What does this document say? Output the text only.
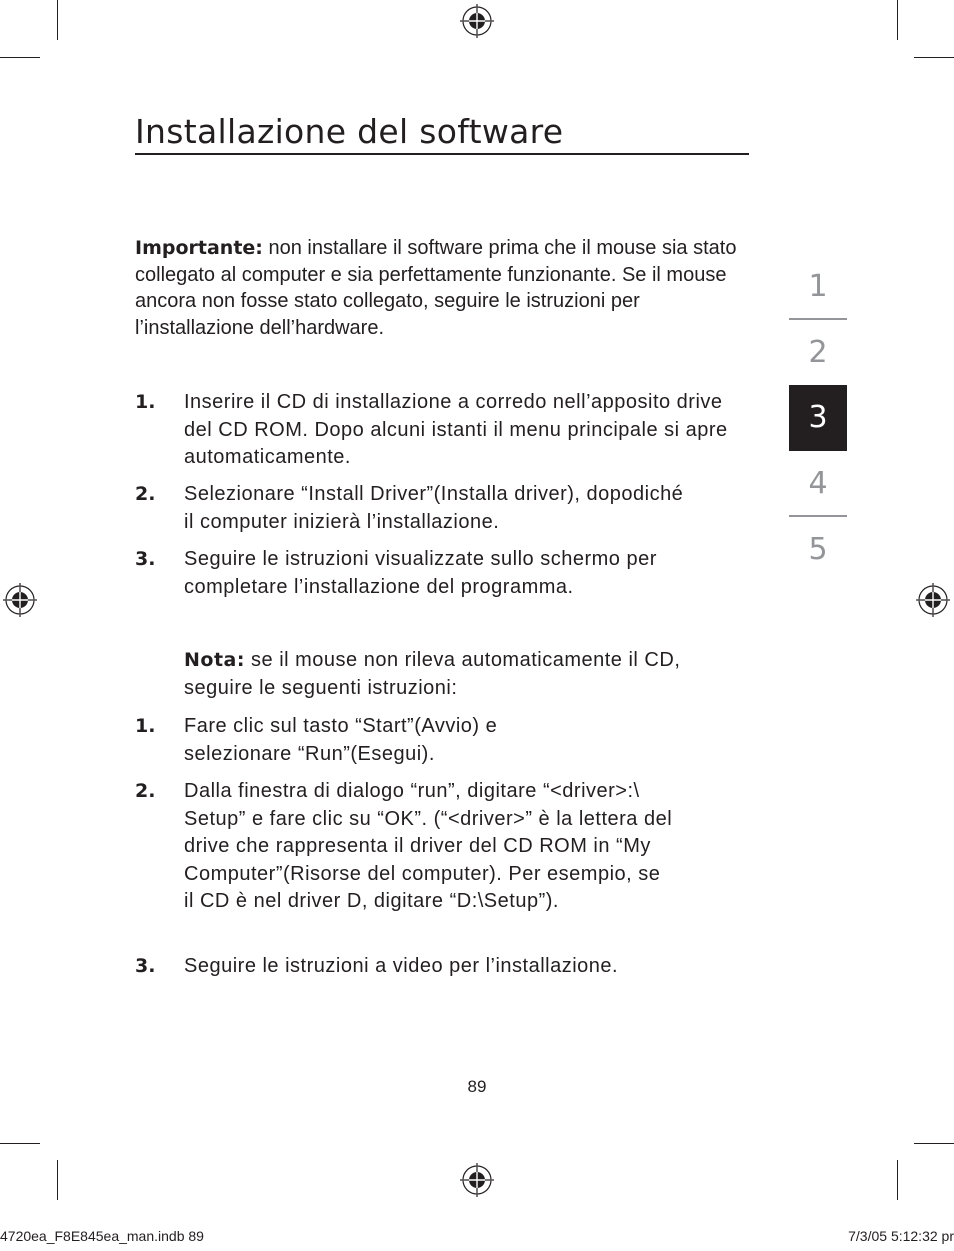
Installazione del software

Importante: non installare il software prima che il mouse sia stato collegato al computer e sia perfettamente funzionante. Se il mouse ancora non fosse stato collegato, seguire le istruzioni per l’installazione dell’hardware.

1. Inserire il CD di installazione a corredo nell’apposito drive del CD ROM. Dopo alcuni istanti il menu principale si apre automaticamente.
2. Selezionare “Install Driver”(Installa driver), dopodiché il computer inizierà l’installazione.
3. Seguire le istruzioni visualizzate sullo schermo per completare l’installazione del programma.

Nota: se il mouse non rileva automaticamente il CD, seguire le seguenti istruzioni:

1. Fare clic sul tasto “Start”(Avvio) e selezionare “Run”(Esegui).
2. Dalla finestra di dialogo “run”, digitare “<driver>:\ Setup” e fare clic su “OK”. (“<driver>” è la lettera del drive che rappresenta il driver del CD ROM in “My Computer”(Risorse del computer). Per esempio, se il CD è nel driver D, digitare “D:\Setup”).
3. Seguire le istruzioni a video per l’installazione.
1
2
3
4
5
89
4720ea_F8E845ea_man.indb 89	7/3/05 5:12:32 pr
